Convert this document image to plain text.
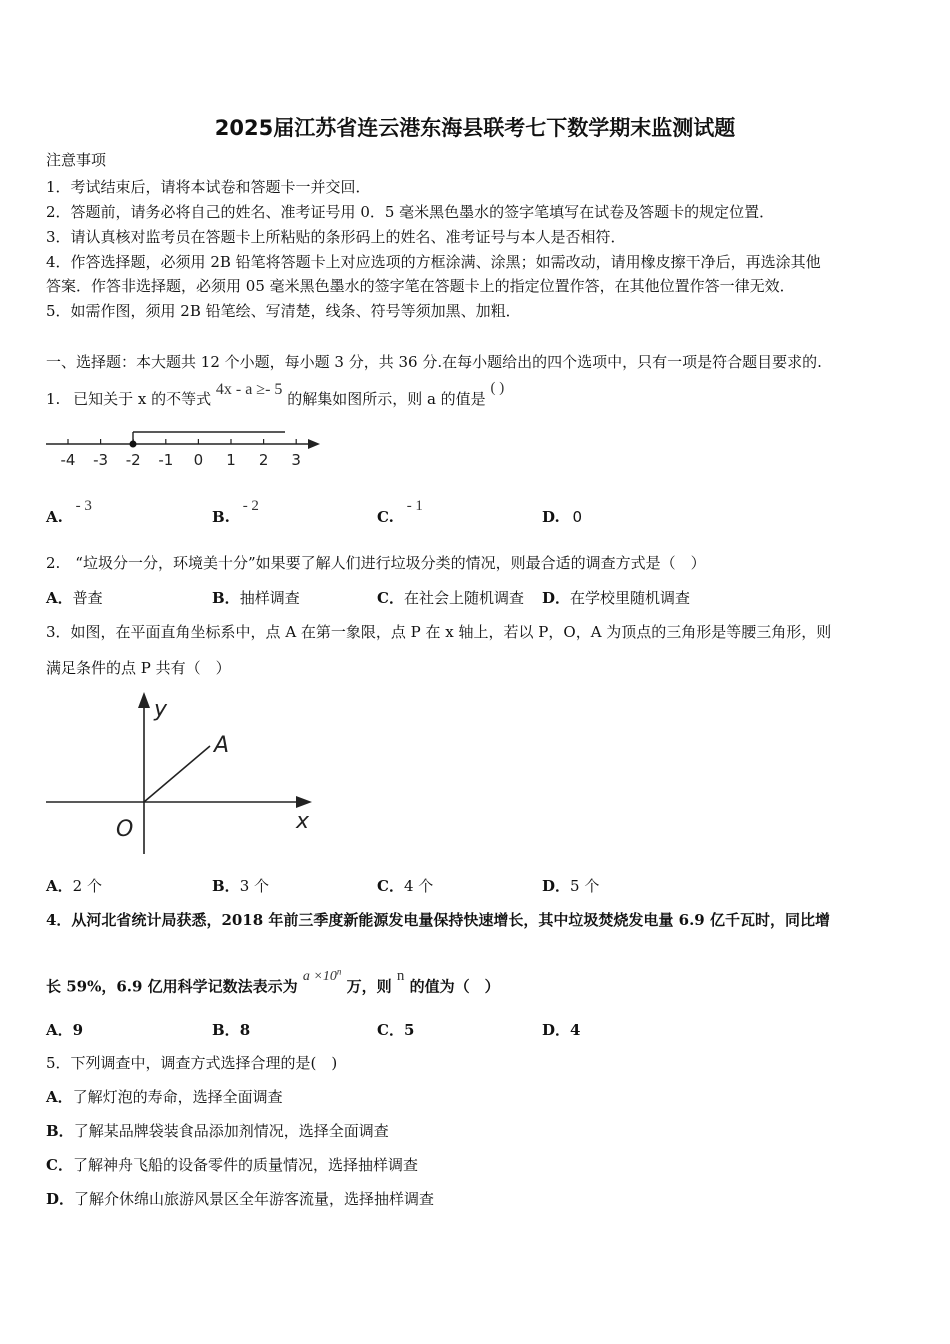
2025届江苏省连云港东海县联考七下数学期末监测试题
注意事项
1．考试结束后，请将本试卷和答题卡一并交回．
2．答题前，请务必将自己的姓名、准考证号用 0．5 毫米黑色墨水的签字笔填写在试卷及答题卡的规定位置．
3．请认真核对监考员在答题卡上所粘贴的条形码上的姓名、准考证号与本人是否相符．
4．作答选择题，必须用 2B 铅笔将答题卡上对应选项的方框涂满、涂黑；如需改动，请用橡皮擦干净后，再选涂其他
答案．作答非选择题，必须用 05 毫米黑色墨水的签字笔在答题卡上的指定位置作答，在其他位置作答一律无效．
5．如需作图，须用 2B 铅笔绘、写清楚，线条、符号等须加黑、加粗．
一、选择题：本大题共 12 个小题，每小题 3 分，共 36 分.在每小题给出的四个选项中，只有一项是符合题目要求的.
1. 已知关于 x 的不等式 4x - a ≥- 5 的解集如图所示，则 a 的值是 ( )
-4 -3 -2 -1 0 1 2 3
A. - 3
B. - 2
C. - 1
D. 0
2.　“垃圾分一分，环境美十分”如果要了解人们进行垃圾分类的情况，则最合适的调查方式是（　）
A．普查	B．抽样调查	C．在社会上随机调查 D．在学校里随机调查
3．如图，在平面直角坐标系中，点 A 在第一象限，点 P 在 x 轴上，若以 P，O，A 为顶点的三角形是等腰三角形，则
满足条件的点 P 共有（　）
y
x
O
A
A．2 个	B．3 个	C．4 个	D．5 个
4．从河北省统计局获悉，2018 年前三季度新能源发电量保持快速增长，其中垃圾焚烧发电量 6.9 亿千瓦时，同比增
长 59%，6.9 亿用科学记数法表示为 $a \times 10^n$ 万，则 n 的值为（　）
A．9	B．8	C．5	D．4
5．下列调查中，调查方式选择合理的是(　)
A．了解灯泡的寿命，选择全面调查
B．了解某品牌袋装食品添加剂情况，选择全面调查
C．了解神舟飞船的设备零件的质量情况，选择抽样调查
D．了解介休绵山旅游风景区全年游客流量，选择抽样调查
